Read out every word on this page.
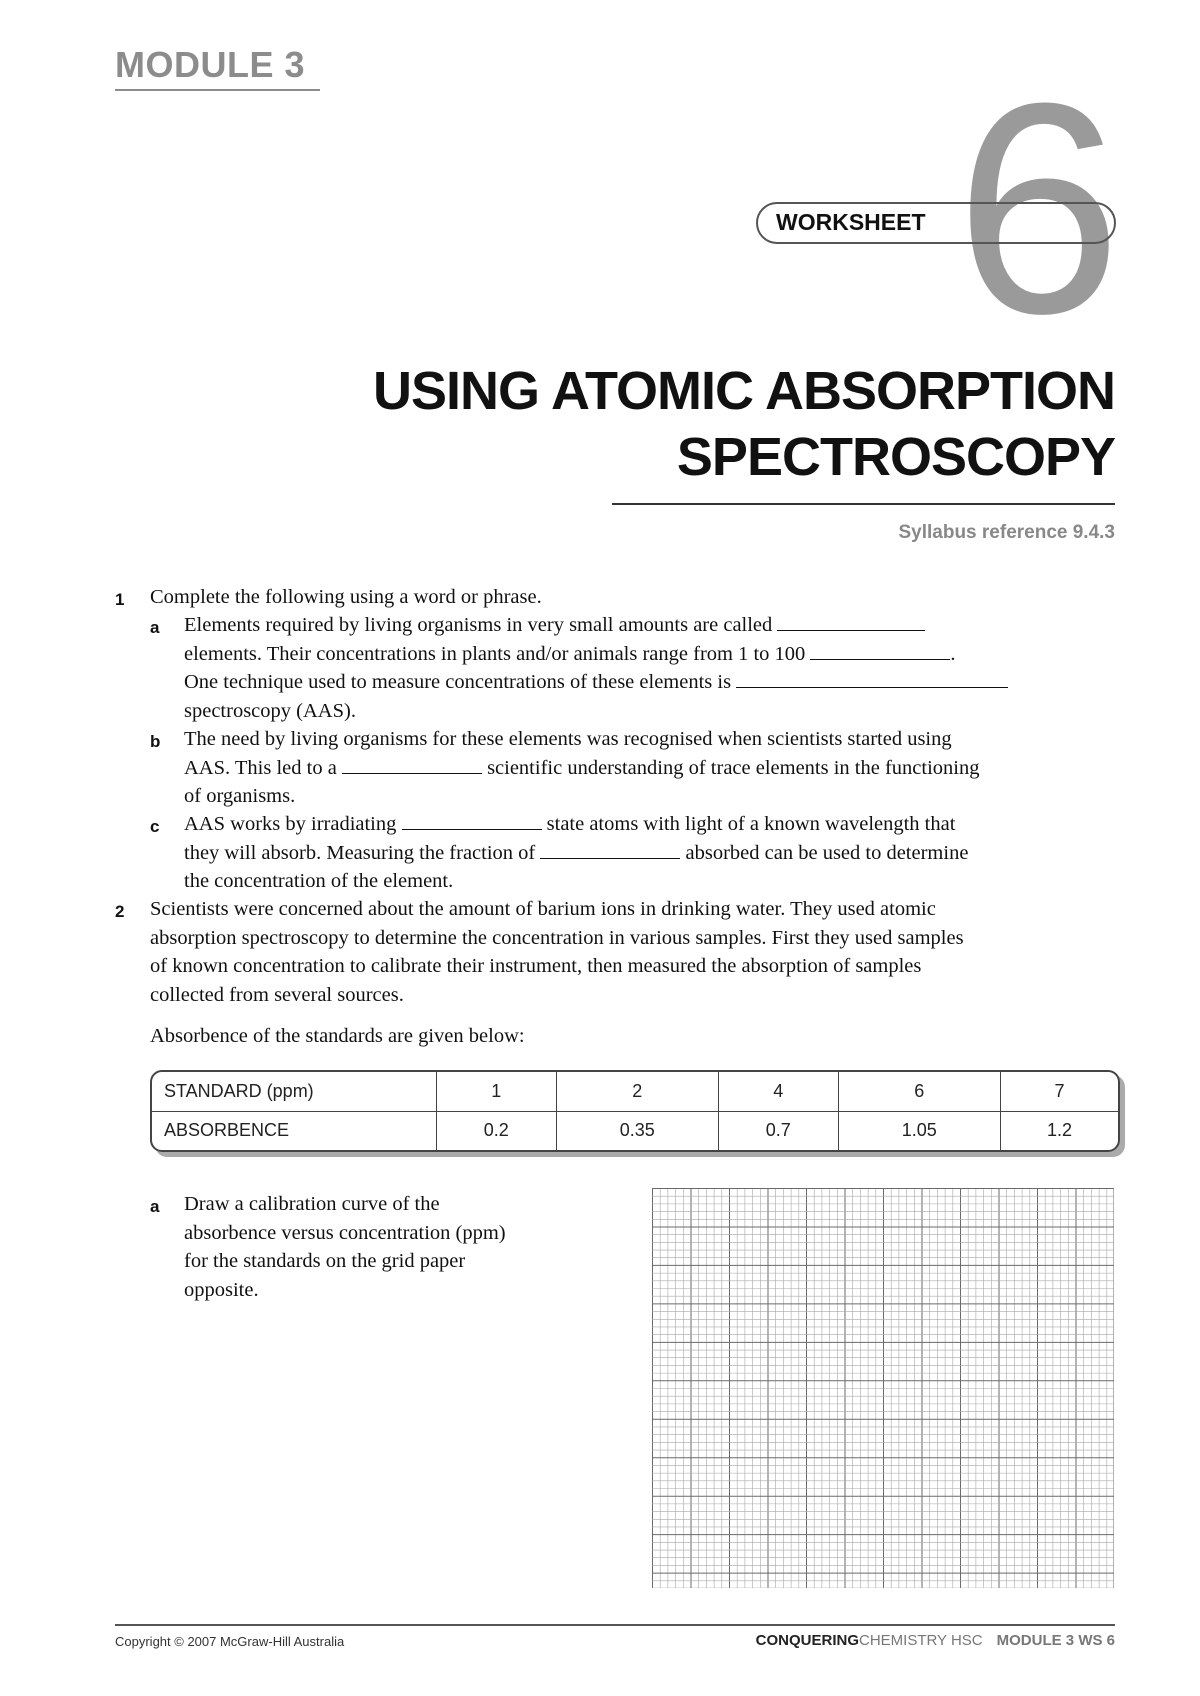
MODULE 3 6
WORKSHEET
USING ATOMIC ABSORPTION
SPECTROSCOPY
Syllabus reference 9.4.3
1 Complete the following using a word or phrase.
a Elements required by living organisms in very small amounts are called
elements. Their concentrations in plants and/or animals range from 1 to 100	.
One technique used to measure concentrations of these elements is
spectroscopy (AAS).
b The need by living organisms for these elements was recognised when scientists started using
AAS. This led to a	scientific understanding of trace elements in the functioning
of organisms.
c AAS works by irradiating	state atoms with light of a known wavelength that
they will absorb. Measuring the fraction of	absorbed can be used to determine
the concentration of the element.
2 Scientists were concerned about the amount of barium ions in drinking water. They used atomic
absorption spectroscopy to determine the concentration in various samples. First they used samples
of known concentration to calibrate their instrument, then measured the absorption of samples
collected from several sources.
Absorbence of the standards are given below:
STANDARD (ppm)	1	2	4	6	7
ABSORBENCE	0.2	0.35	0.7	1.05	1.2
a Draw a calibration curve of the
absorbence versus concentration (ppm)
for the standards on the grid paper
opposite.
Copyright © 2007 McGraw-Hill Australia	CONQUERINGCHEMISTRY HSC MODULE 3 WS 6
